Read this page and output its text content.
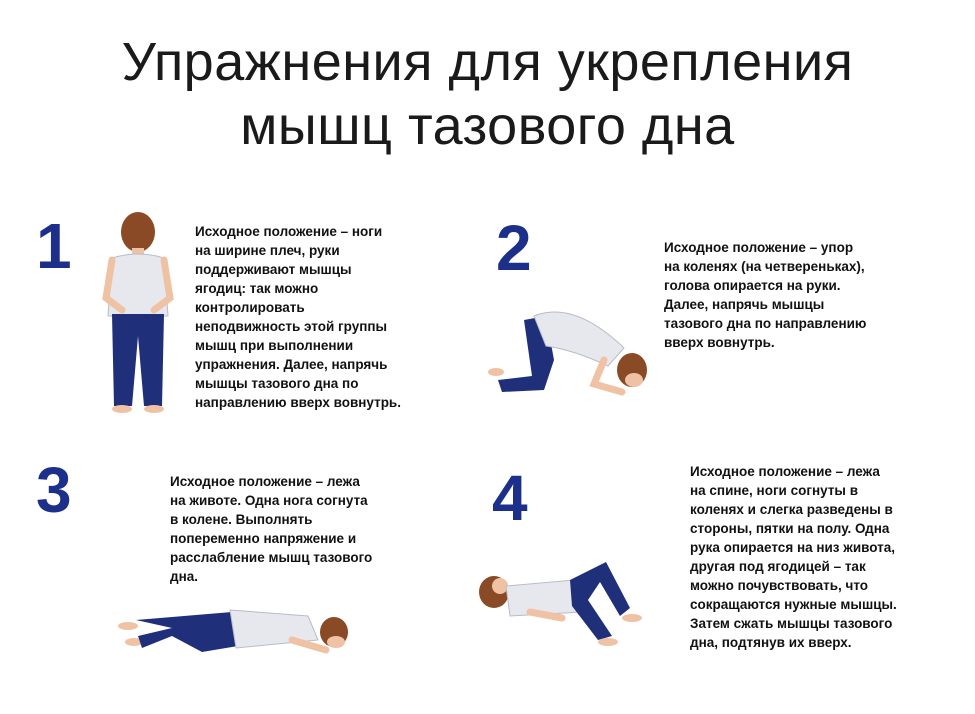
Упражнения для укрепления
мышц тазового дна
1	Исходное положение – ноги
на ширине плеч, руки
поддерживают мышцы
ягодиц: так можно
контролировать
неподвижность этой группы
мышц при выполнении
упражнения. Далее, напрячь
мышцы тазового дна по
направлению вверх вовнутрь.
2	Исходное положение – упор
на коленях (на четвереньках),
голова опирается на руки.
Далее, напрячь мышцы
тазового дна по направлению
вверх вовнутрь.
3	Исходное положение – лежа
на животе. Одна нога согнута
в колене. Выполнять
попеременно напряжение и
расслабление мышц тазового
дна.
4	Исходное положение – лежа
на спине, ноги согнуты в
коленях и слегка разведены в
стороны, пятки на полу. Одна
рука опирается на низ живота,
другая под ягодицей – так
можно почувствовать, что
сокращаются нужные мышцы.
Затем сжать мышцы тазового
дна, подтянув их вверх.
